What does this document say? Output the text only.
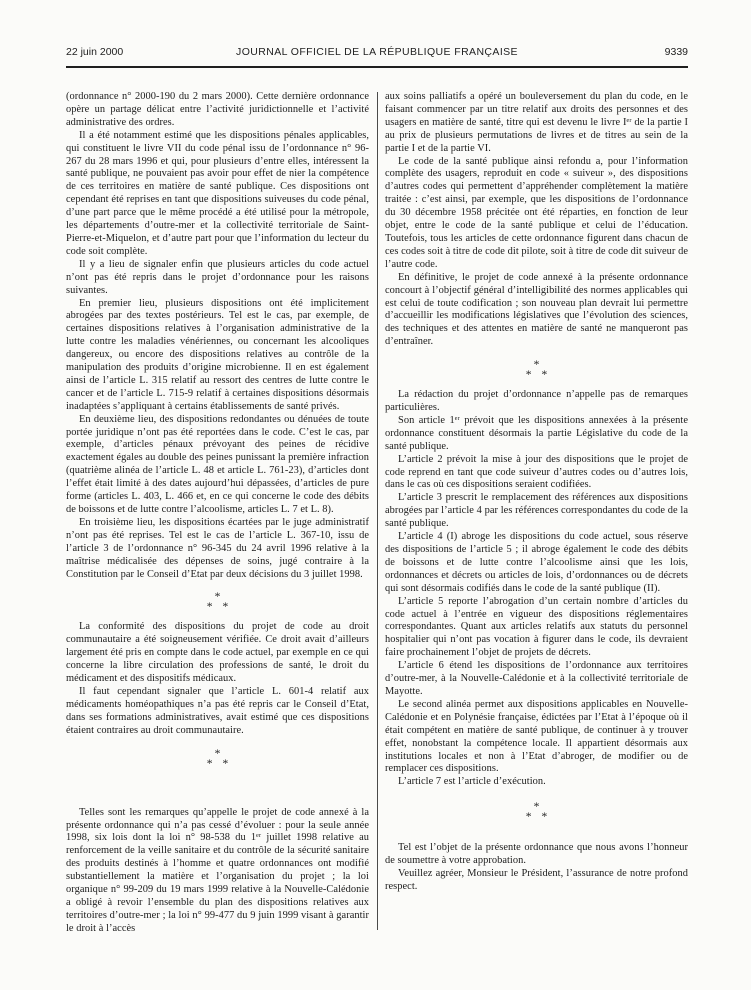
22 juin 2000	JOURNAL OFFICIEL DE LA RÉPUBLIQUE FRANÇAISE	9339

(ordonnance n° 2000-190 du 2 mars 2000). Cette dernière ordonnance opère un partage délicat entre l’activité juridictionnelle et l’activité administrative des ordres.

Il a été notamment estimé que les dispositions pénales applicables, qui constituent le livre VII du code pénal issu de l’ordonnance n° 96-267 du 28 mars 1996 et qui, pour plusieurs d’entre elles, intéressent la santé publique, ne pouvaient pas avoir pour effet de nier la compétence de ces territoires en matière de santé publique. Ces dispositions ont cependant été reprises en tant que dispositions suiveuses du code pénal, d’une part parce que le même procédé a été utilisé pour la métropole, les départements d’outre-mer et la collectivité territoriale de Saint-Pierre-et-Miquelon, et d’autre part pour que l’information du lecteur du code soit complète.

Il y a lieu de signaler enfin que plusieurs articles du code actuel n’ont pas été repris dans le projet d’ordonnance pour les raisons suivantes.

En premier lieu, plusieurs dispositions ont été implicitement abrogées par des textes postérieurs. Tel est le cas, par exemple, de certaines dispositions relatives à l’organisation administrative de la lutte contre les maladies vénériennes, ou concernant les alcooliques dangereux, ou encore des dispositions relatives au contrôle de la manipulation des produits d’origine microbienne. Il en est également ainsi de l’article L. 315 relatif au ressort des centres de lutte contre le cancer et de l’article L. 715-9 relatif à certaines dispositions désormais inadaptées s’appliquant à certains établissements de santé privés.

En deuxième lieu, des dispositions redondantes ou dénuées de toute portée juridique n’ont pas été reportées dans le code. C’est le cas, par exemple, d’articles pénaux prévoyant des peines de récidive exactement égales au double des peines punissant la première infraction (quatrième alinéa de l’article L. 48 et article L. 761-23), d’articles dont l’effet était limité à des dates aujourd’hui dépassées, d’articles de pure forme (articles L. 403, L. 466 et, en ce qui concerne le code des débits de boissons et de lutte contre l’alcoolisme, articles L. 7 et L. 8).

En troisième lieu, les dispositions écartées par le juge administratif n’ont pas été reprises. Tel est le cas de l’article L. 367-10, issu de l’article 3 de l’ordonnance n° 96-345 du 24 avril 1996 relative à la maîtrise médicalisée des dépenses de soins, jugé contraire à la Constitution par le Conseil d’Etat par deux décisions du 3 juillet 1998.

*
* *

La conformité des dispositions du projet de code au droit communautaire a été soigneusement vérifiée. Ce droit avait d’ailleurs largement été pris en compte dans le code actuel, par exemple en ce qui concerne la libre circulation des professions de santé, le droit du médicament et des dispositifs médicaux.

Il faut cependant signaler que l’article L. 601-4 relatif aux médicaments homéopathiques n’a pas été repris car le Conseil d’Etat, dans ses formations administratives, avait estimé que ces dispositions étaient contraires au droit communautaire.

*
* *

Telles sont les remarques qu’appelle le projet de code annexé à la présente ordonnance qui n’a pas cessé d’évoluer : pour la seule année 1998, six lois dont la loi n° 98-538 du 1ᵉʳ juillet 1998 relative au renforcement de la veille sanitaire et du contrôle de la sécurité sanitaire des produits destinés à l’homme et quatre ordonnances ont modifié substantiellement la matière et l’organisation du projet ; la loi organique n° 99-209 du 19 mars 1999 relative à la Nouvelle-Calédonie a obligé à revoir l’ensemble du plan des dispositions relatives aux territoires d’outre-mer ; la loi n° 99-477 du 9 juin 1999 visant à garantir le droit à l’accès

aux soins palliatifs a opéré un bouleversement du plan du code, en le faisant commencer par un titre relatif aux droits des personnes et des usagers en matière de santé, titre qui est devenu le livre Iᵉʳ de la partie I au prix de plusieurs permutations de livres et de titres au sein de la partie I et de la partie VI.

Le code de la santé publique ainsi refondu a, pour l’information complète des usagers, reproduit en code « suiveur », des dispositions d’autres codes qui permettent d’appréhender complètement la matière traitée : c’est ainsi, par exemple, que les dispositions de l’ordonnance du 30 décembre 1958 précitée ont été réparties, en fonction de leur objet, entre le code de la santé publique et celui de l’éducation. Toutefois, tous les articles de cette ordonnance figurent dans chacun de ces codes soit à titre de code dit pilote, soit à titre de code dit suiveur de l’autre code.

En définitive, le projet de code annexé à la présente ordonnance concourt à l’objectif général d’intelligibilité des normes applicables qui est celui de toute codification ; son nouveau plan devrait lui permettre d’accueillir les modifications législatives que l’évolution des sciences, des techniques et des attentes en matière de santé ne manqueront pas d’entraîner.

*
* *

La rédaction du projet d’ordonnance n’appelle pas de remarques particulières.

Son article 1ᵉʳ prévoit que les dispositions annexées à la présente ordonnance constituent désormais la partie Législative du code de la santé publique.

L’article 2 prévoit la mise à jour des dispositions que le projet de code reprend en tant que code suiveur d’autres codes ou d’autres lois, dans le cas où ces dispositions seraient codifiées.

L’article 3 prescrit le remplacement des références aux dispositions abrogées par l’article 4 par les références correspondantes du code de la santé publique.

L’article 4 (I) abroge les dispositions du code actuel, sous réserve des dispositions de l’article 5 ; il abroge également le code des débits de boissons et de lutte contre l’alcoolisme ainsi que les lois, ordonnances et décrets ou articles de lois, d’ordonnances ou de décrets qui sont désormais codifiés dans le code de la santé publique (II).

L’article 5 reporte l’abrogation d’un certain nombre d’articles du code actuel à l’entrée en vigueur des dispositions réglementaires correspondantes. Quant aux articles relatifs aux statuts du personnel hospitalier qui n’ont pas vocation à figurer dans le code, ils devraient faire prochainement l’objet de projets de décrets.

L’article 6 étend les dispositions de l’ordonnance aux territoires d’outre-mer, à la Nouvelle-Calédonie et à la collectivité territoriale de Mayotte.

Le second alinéa permet aux dispositions applicables en Nouvelle-Calédonie et en Polynésie française, édictées par l’Etat à l’époque où il était compétent en matière de santé publique, de continuer à y trouver effet, nonobstant la compétence locale. Il appartient désormais aux institutions locales et non à l’Etat d’abroger, de modifier ou de remplacer ces dispositions.

L’article 7 est l’article d’exécution.

*
* *

Tel est l’objet de la présente ordonnance que nous avons l’honneur de soumettre à votre approbation.

Veuillez agréer, Monsieur le Président, l’assurance de notre profond respect.
